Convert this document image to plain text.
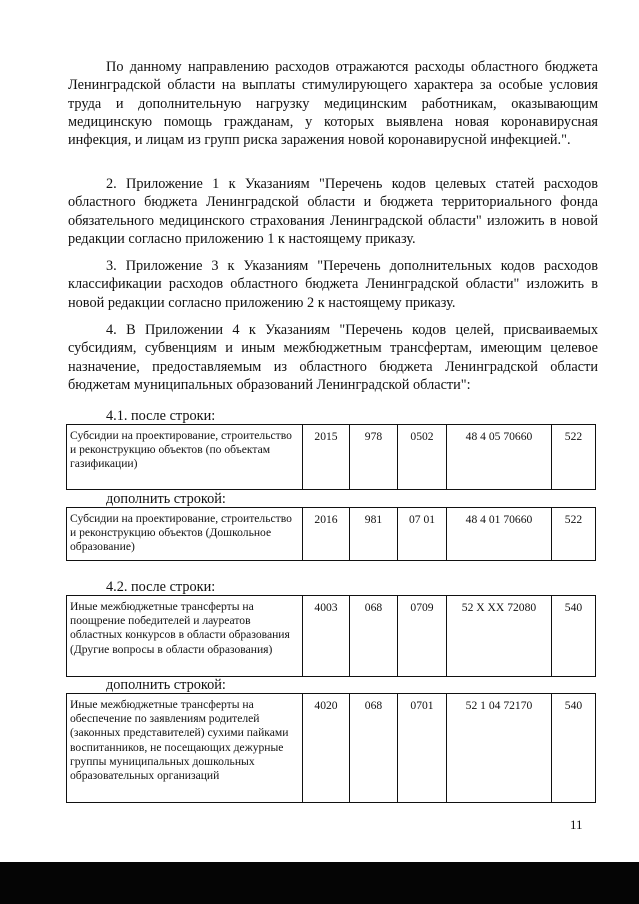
По данному направлению расходов отражаются расходы областного бюджета Ленинградской области на выплаты стимулирующего характера за особые условия труда и дополнительную нагрузку медицинским работникам, оказывающим медицинскую помощь гражданам, у которых выявлена новая коронавирусная инфекция, и лицам из групп риска заражения новой коронавирусной инфекцией.".

2. Приложение 1 к Указаниям "Перечень кодов целевых статей расходов областного бюджета Ленинградской области и бюджета территориального фонда обязательного медицинского страхования Ленинградской области" изложить в новой редакции согласно приложению 1 к настоящему приказу.

3. Приложение 3 к Указаниям "Перечень дополнительных кодов расходов классификации расходов областного бюджета Ленинградской области" изложить в новой редакции согласно приложению 2 к настоящему приказу.

4. В Приложении 4 к Указаниям "Перечень кодов целей, присваиваемых субсидиям, субвенциям и иным межбюджетным трансфертам, имеющим целевое назначение, предоставляемым из областного бюджета Ленинградской области бюджетам муниципальных образований Ленинградской области":

4.1. после строки:

Субсидии на проектирование, строительство и реконструкцию объектов (по объектам газификации)	2015	978	0502	48 4 05 70660	522

дополнить строкой:

Субсидии на проектирование, строительство и реконструкцию объектов (Дошкольное образование)	2016	981	07 01	48 4 01 70660	522

4.2. после строки:

Иные межбюджетные трансферты на поощрение победителей и лауреатов областных конкурсов в области образования (Другие вопросы в области образования)	4003	068	0709	52 X XX 72080	540

дополнить строкой:

Иные межбюджетные трансферты на обеспечение по заявлениям родителей (законных представителей) сухими пайками воспитанников, не посещающих дежурные группы муниципальных дошкольных образовательных организаций	4020	068	0701	52 1 04 72170	540
11
